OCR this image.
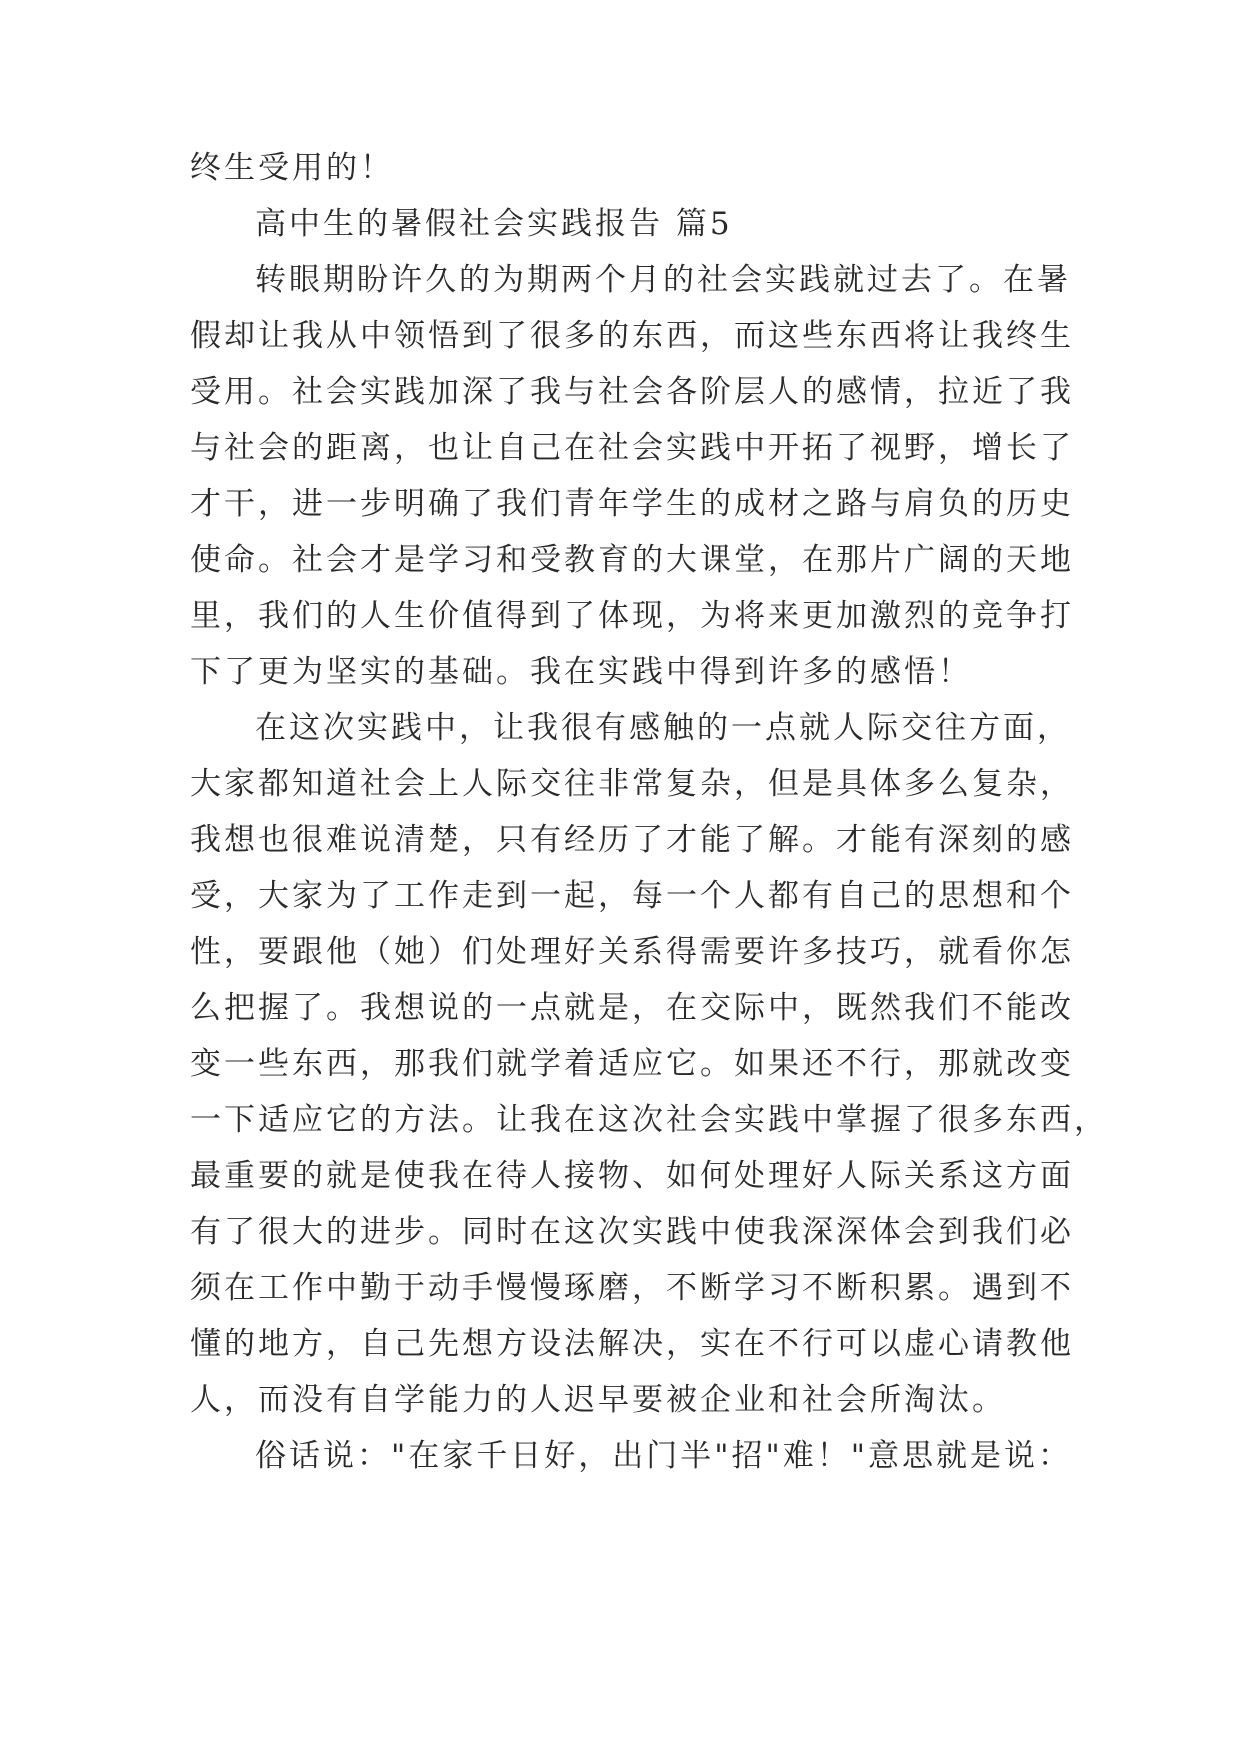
终生受用的！
高中生的暑假社会实践报告 篇5
转眼期盼许久的为期两个月的社会实践就过去了。在暑
假却让我从中领悟到了很多的东西，而这些东西将让我终生
受用。社会实践加深了我与社会各阶层人的感情，拉近了我
与社会的距离，也让自己在社会实践中开拓了视野，增长了
才干，进一步明确了我们青年学生的成材之路与肩负的历史
使命。社会才是学习和受教育的大课堂，在那片广阔的天地
里，我们的人生价值得到了体现，为将来更加激烈的竞争打
下了更为坚实的基础。我在实践中得到许多的感悟！
在这次实践中，让我很有感触的一点就人际交往方面，
大家都知道社会上人际交往非常复杂，但是具体多么复杂，
我想也很难说清楚，只有经历了才能了解。才能有深刻的感
受，大家为了工作走到一起，每一个人都有自己的思想和个
性，要跟他（她）们处理好关系得需要许多技巧，就看你怎
么把握了。我想说的一点就是，在交际中，既然我们不能改
变一些东西，那我们就学着适应它。如果还不行，那就改变
一下适应它的方法。让我在这次社会实践中掌握了很多东西，
最重要的就是使我在待人接物、如何处理好人际关系这方面
有了很大的进步。同时在这次实践中使我深深体会到我们必
须在工作中勤于动手慢慢琢磨，不断学习不断积累。遇到不
懂的地方，自己先想方设法解决，实在不行可以虚心请教他
人，而没有自学能力的人迟早要被企业和社会所淘汰。
俗话说："在家千日好，出门半"招"难！"意思就是说：
